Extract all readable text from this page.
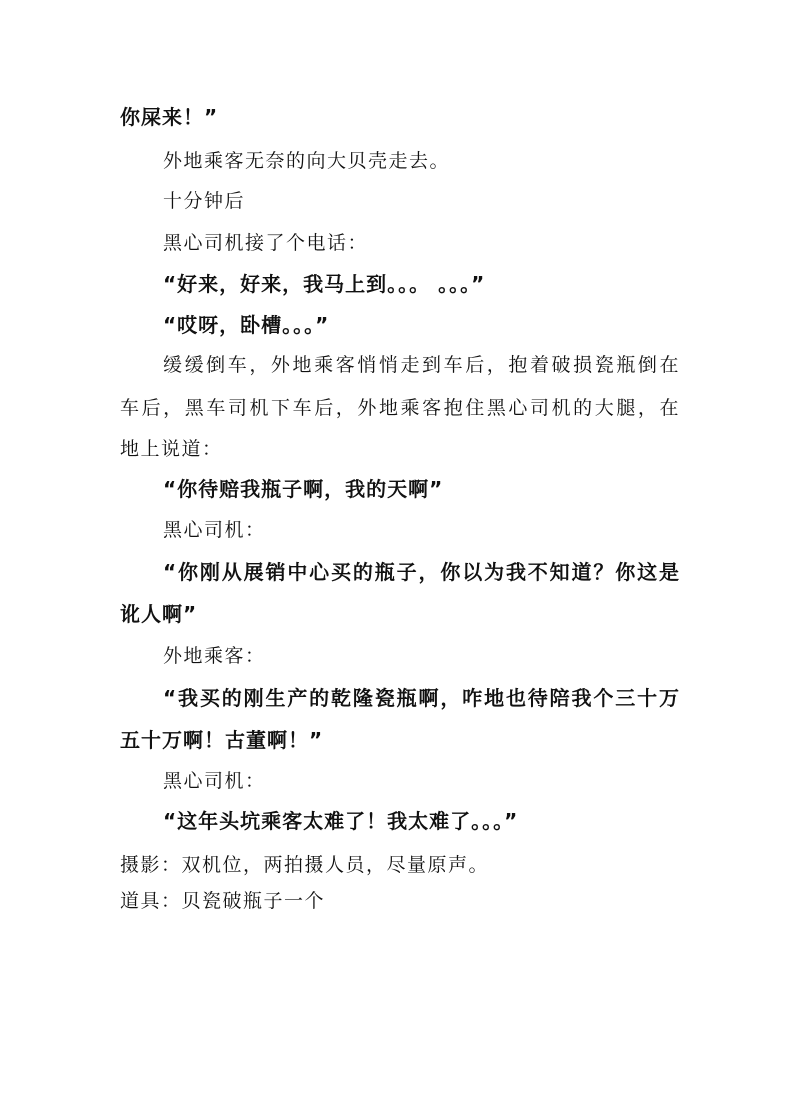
你屎来！”
外地乘客无奈的向大贝壳走去。
十分钟后
黑心司机接了个电话：
“好来，好来，我马上到。。。 。。。”
“哎呀，卧槽。。。”
缓缓倒车，外地乘客悄悄走到车后，抱着破损瓷瓶倒在
车后，黑车司机下车后，外地乘客抱住黑心司机的大腿，在
地上说道：
“你待赔我瓶子啊，我的天啊”
黑心司机：
“你刚从展销中心买的瓶子，你以为我不知道？你这是
讹人啊”
外地乘客：
“我买的刚生产的乾隆瓷瓶啊，咋地也待陪我个三十万
五十万啊！古董啊！”
黑心司机：
“这年头坑乘客太难了！我太难了。。。”
摄影：双机位，两拍摄人员，尽量原声。
道具：贝瓷破瓶子一个
